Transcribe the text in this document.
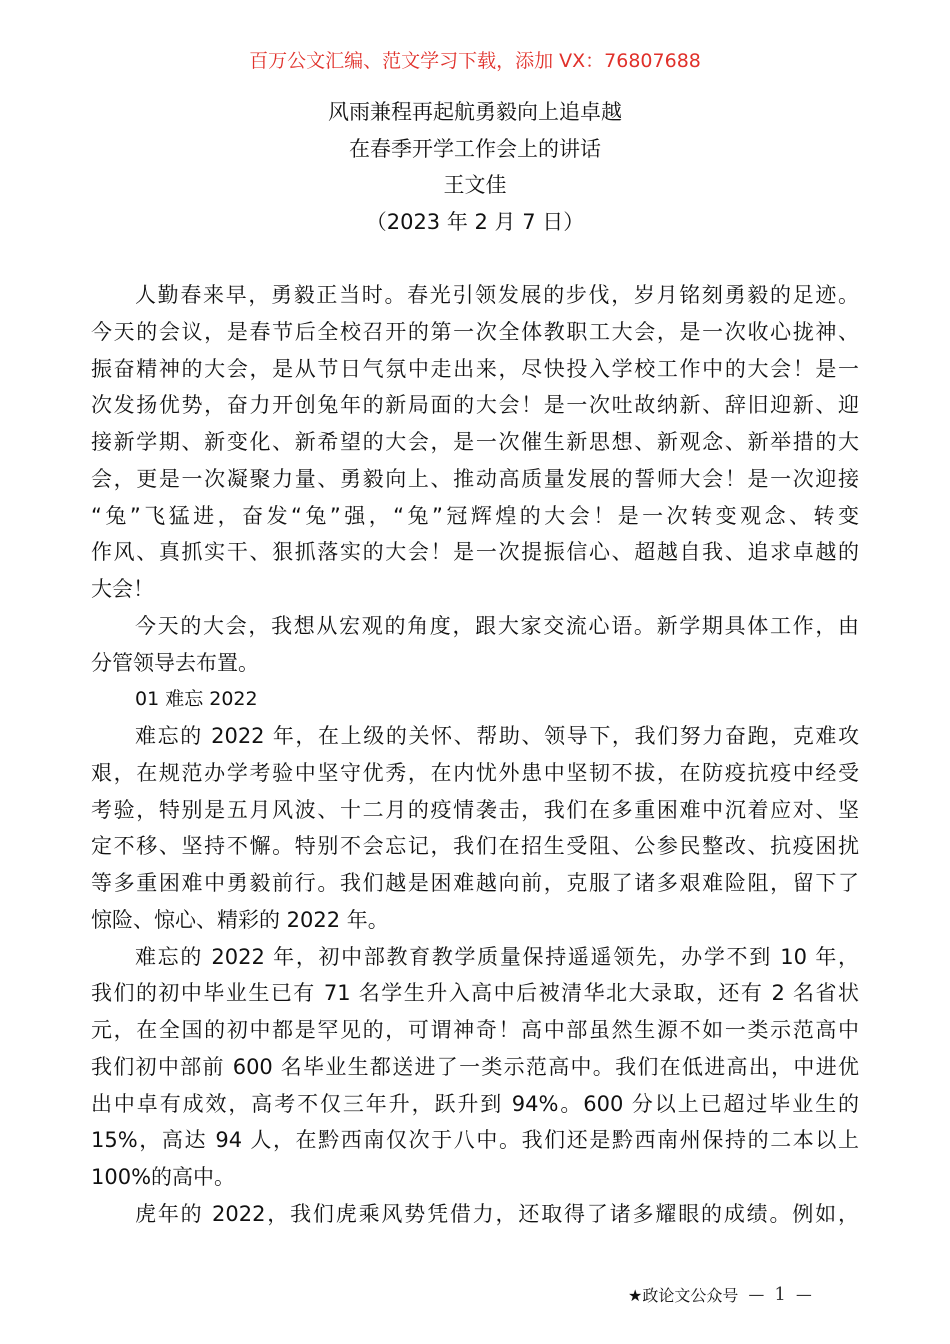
百万公文汇编、范文学习下载，添加 VX：76807688
风雨兼程再起航勇毅向上追卓越
在春季开学工作会上的讲话
王文佳
（2023 年 2 月 7 日）
人勤春来早，勇毅正当时。春光引领发展的步伐，岁月铭刻勇毅的足迹。
今天的会议，是春节后全校召开的第一次全体教职工大会，是一次收心拢神、
振奋精神的大会，是从节日气氛中走出来，尽快投入学校工作中的大会！是一
次发扬优势，奋力开创兔年的新局面的大会！是一次吐故纳新、辞旧迎新、迎
接新学期、新变化、新希望的大会，是一次催生新思想、新观念、新举措的大
会，更是一次凝聚力量、勇毅向上、推动高质量发展的誓师大会！是一次迎接
“兔”飞猛进，奋发“兔”强，“兔”冠辉煌的大会！是一次转变观念、转变
作风、真抓实干、狠抓落实的大会！是一次提振信心、超越自我、追求卓越的
大会！
今天的大会，我想从宏观的角度，跟大家交流心语。新学期具体工作，由
分管领导去布置。
01 难忘 2022
难忘的 2022 年，在上级的关怀、帮助、领导下，我们努力奋跑，克难攻
艰，在规范办学考验中坚守优秀，在内忧外患中坚韧不拔，在防疫抗疫中经受
考验，特别是五月风波、十二月的疫情袭击，我们在多重困难中沉着应对、坚
定不移、坚持不懈。特别不会忘记，我们在招生受阻、公参民整改、抗疫困扰
等多重困难中勇毅前行。我们越是困难越向前，克服了诸多艰难险阻，留下了
惊险、惊心、精彩的 2022 年。
难忘的 2022 年，初中部教育教学质量保持遥遥领先，办学不到 10 年，
我们的初中毕业生已有 71 名学生升入高中后被清华北大录取，还有 2 名省状
元，在全国的初中都是罕见的，可谓神奇！高中部虽然生源不如一类示范高中
我们初中部前 600 名毕业生都送进了一类示范高中。我们在低进高出，中进优
出中卓有成效，高考不仅三年升，跃升到 94%。600 分以上已超过毕业生的
15%，高达 94 人，在黔西南仅次于八中。我们还是黔西南州保持的二本以上
100%的高中。
虎年的 2022，我们虎乘风势凭借力，还取得了诸多耀眼的成绩。例如，
★政论文公众号 — 1 —
